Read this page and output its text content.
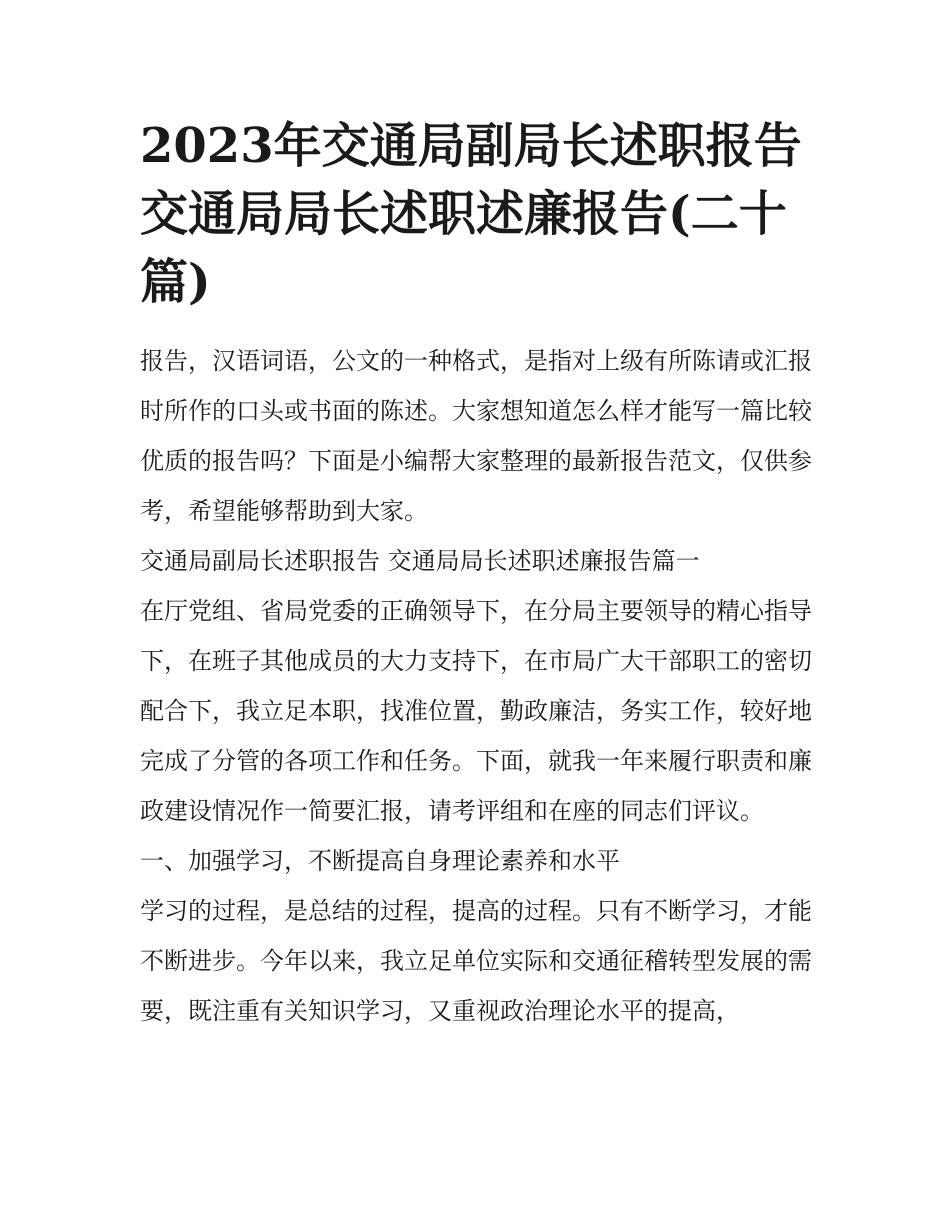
2023年交通局副局长述职报告 交通局局长述职述廉报告(二十篇)

报告，汉语词语，公文的一种格式，是指对上级有所陈请或汇报时所作的口头或书面的陈述。大家想知道怎么样才能写一篇比较优质的报告吗？下面是小编帮大家整理的最新报告范文，仅供参考，希望能够帮助到大家。

交通局副局长述职报告 交通局局长述职述廉报告篇一

在厅党组、省局党委的正确领导下，在分局主要领导的精心指导下，在班子其他成员的大力支持下，在市局广大干部职工的密切配合下，我立足本职，找准位置，勤政廉洁，务实工作，较好地完成了分管的各项工作和任务。下面，就我一年来履行职责和廉政建设情况作一简要汇报，请考评组和在座的同志们评议。

一、加强学习，不断提高自身理论素养和水平

学习的过程，是总结的过程，提高的过程。只有不断学习，才能不断进步。今年以来，我立足单位实际和交通征稽转型发展的需要，既注重有关知识学习，又重视政治理论水平的提高，
